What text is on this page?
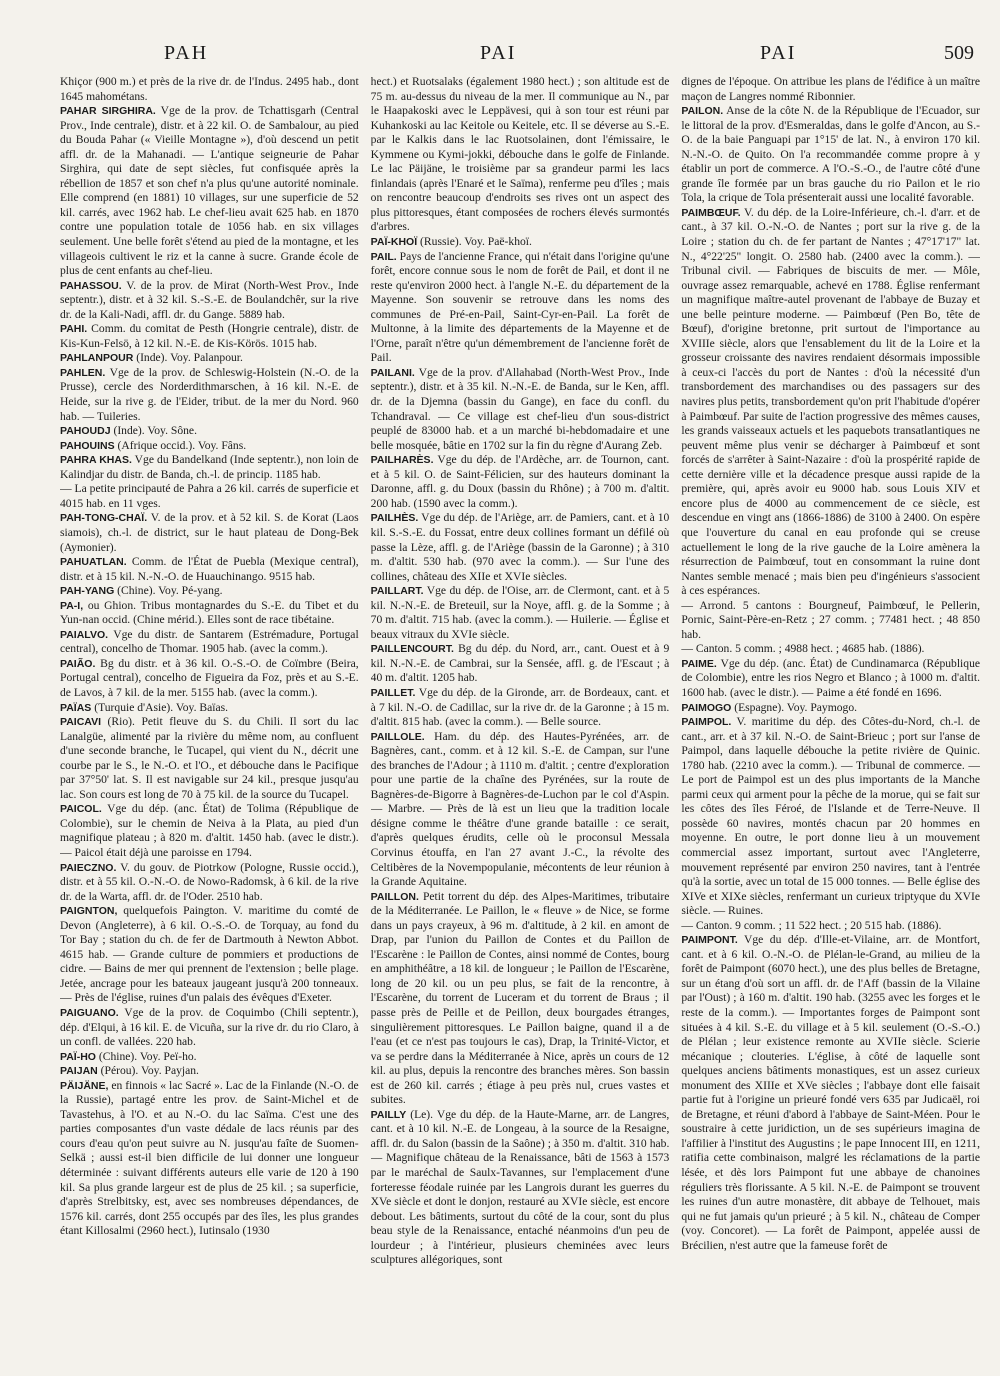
PAH	PAI	PAI	509

Khiçor (900 m.) et près de la rive dr. de l'Indus. 2495 hab., dont 1645 mahométans.

PAHAR SIRGHIRA. Vge de la prov. de Tchattisgarh (Central Prov., Inde centrale), distr. et à 22 kil. O. de Sambalour, au pied du Bouda Pahar (« Vieille Montagne »), d'où descend un petit affl. dr. de la Mahanadi. — L'antique seigneurie de Pahar Sirghira, qui date de sept siècles, fut confisquée après la rébellion de 1857 et son chef n'a plus qu'une autorité nominale. Elle comprend (en 1881) 10 villages, sur une superficie de 52 kil. carrés, avec 1962 hab. Le chef-lieu avait 625 hab. en 1870 contre une population totale de 1056 hab. en six villages seulement. Une belle forêt s'étend au pied de la montagne, et les villageois cultivent le riz et la canne à sucre. Grande école de plus de cent enfants au chef-lieu.

PAHASSOU. V. de la prov. de Mirat (North-West Prov., Inde septentr.), distr. et à 32 kil. S.-S.-E. de Boulandchêr, sur la rive dr. de la Kali-Nadi, affl. dr. du Gange. 5889 hab.

PAHI. Comm. du comitat de Pesth (Hongrie centrale), distr. de Kis-Kun-Felsö, à 12 kil. N.-E. de Kis-Körös. 1015 hab.

PAHLANPOUR (Inde). Voy. Palanpour.

PAHLEN. Vge de la prov. de Schleswig-Holstein (N.-O. de la Prusse), cercle des Norderdithmarschen, à 16 kil. N.-E. de Heide, sur la rive g. de l'Eider, tribut. de la mer du Nord. 960 hab. — Tuileries.

PAHOUDJ (Inde). Voy. Sône.

PAHOUINS (Afrique occid.). Voy. Fâns.

PAHRA KHAS. Vge du Bandelkand (Inde septentr.), non loin de Kalindjar du distr. de Banda, ch.-l. de princip. 1185 hab.

— La petite principauté de Pahra a 26 kil. carrés de superficie et 4015 hab. en 11 vges.

PAH-TONG-CHAÏ. V. de la prov. et à 52 kil. S. de Korat (Laos siamois), ch.-l. de district, sur le haut plateau de Dong-Bek (Aymonier).

PAHUATLAN. Comm. de l'État de Puebla (Mexique central), distr. et à 15 kil. N.-N.-O. de Huauchinango. 9515 hab.

PAH-YANG (Chine). Voy. Pé-yang.

PA-I, ou Ghion. Tribus montagnardes du S.-E. du Tibet et du Yun-nan occid. (Chine mérid.). Elles sont de race tibétaine.

PAIALVO. Vge du distr. de Santarem (Estrémadure, Portugal central), concelho de Thomar. 1905 hab. (avec la comm.).

PAIÃO. Bg du distr. et à 36 kil. O.-S.-O. de Coïmbre (Beira, Portugal central), concelho de Figueira da Foz, près et au S.-E. de Lavos, à 7 kil. de la mer. 5155 hab. (avec la comm.).

PAÏAS (Turquie d'Asie). Voy. Baïas.

PAICAVI (Rio). Petit fleuve du S. du Chili. Il sort du lac Lanalgüe, alimenté par la rivière du même nom, au confluent d'une seconde branche, le Tucapel, qui vient du N., décrit une courbe par le S., le N.-O. et l'O., et débouche dans le Pacifique par 37°50' lat. S. Il est navigable sur 24 kil., presque jusqu'au lac. Son cours est long de 70 à 75 kil. de la source du Tucapel.

PAICOL. Vge du dép. (anc. État) de Tolima (République de Colombie), sur le chemin de Neiva à la Plata, au pied d'un magnifique plateau ; à 820 m. d'altit. 1450 hab. (avec le distr.). — Paicol était déjà une paroisse en 1794.

PAIECZNO. V. du gouv. de Piotrkow (Pologne, Russie occid.), distr. et à 55 kil. O.-N.-O. de Nowo-Radomsk, à 6 kil. de la rive dr. de la Warta, affl. dr. de l'Oder. 2510 hab.

PAIGNTON, quelquefois Paington. V. maritime du comté de Devon (Angleterre), à 6 kil. O.-S.-O. de Torquay, au fond du Tor Bay ; station du ch. de fer de Dartmouth à Newton Abbot. 4615 hab. — Grande culture de pommiers et productions de cidre. — Bains de mer qui prennent de l'extension ; belle plage. Jetée, ancrage pour les bateaux jaugeant jusqu'à 200 tonneaux. — Près de l'église, ruines d'un palais des évêques d'Exeter.

PAIGUANO. Vge de la prov. de Coquimbo (Chili septentr.), dép. d'Elqui, à 16 kil. E. de Vicuña, sur la rive dr. du rio Claro, à un confl. de vallées. 220 hab.

PAÏ-HO (Chine). Voy. Peï-ho.

PAIJAN (Pérou). Voy. Payjan.

PÄIJÄNE, en finnois « lac Sacré ». Lac de la Finlande (N.-O. de la Russie), partagé entre les prov. de Saint-Michel et de Tavastehus, à l'O. et au N.-O. du lac Saïma. C'est une des parties composantes d'un vaste dédale de lacs réunis par des cours d'eau qu'on peut suivre au N. jusqu'au faîte de Suomen-Selkä ; aussi est-il bien difficile de lui donner une longueur déterminée : suivant différents auteurs elle varie de 120 à 190 kil. Sa plus grande largeur est de plus de 25 kil. ; sa superficie, d'après Strelbitsky, est, avec ses nombreuses dépendances, de 1576 kil. carrés, dont 255 occupés par des îles, les plus grandes étant Killosalmi (2960 hect.), Iutinsalo (1930

hect.) et Ruotsalaks (également 1980 hect.) ; son altitude est de 75 m. au-dessus du niveau de la mer. Il communique au N., par le Haapakoski avec le Leppävesi, qui à son tour est réuni par Kuhankoski au lac Keitole ou Keitele, etc. Il se déverse au S.-E. par le Kalkis dans le lac Ruotsolainen, dont l'émissaire, le Kymmene ou Kymi-jokki, débouche dans le golfe de Finlande. Le lac Päijäne, le troisième par sa grandeur parmi les lacs finlandais (après l'Enaré et le Saïma), renferme peu d'îles ; mais on rencontre beaucoup d'endroits ses rives ont un aspect des plus pittoresques, étant composées de rochers élevés surmontés d'arbres.

PAÏ-KHOÏ (Russie). Voy. Paë-khoï.

PAIL. Pays de l'ancienne France, qui n'était dans l'origine qu'une forêt, encore connue sous le nom de forêt de Pail, et dont il ne reste qu'environ 2000 hect. à l'angle N.-E. du département de la Mayenne. Son souvenir se retrouve dans les noms des communes de Pré-en-Pail, Saint-Cyr-en-Pail. La forêt de Multonne, à la limite des départements de la Mayenne et de l'Orne, paraît n'être qu'un démembrement de l'ancienne forêt de Pail.

PAILANI. Vge de la prov. d'Allahabad (North-West Prov., Inde septentr.), distr. et à 35 kil. N.-N.-E. de Banda, sur le Ken, affl. dr. de la Djemna (bassin du Gange), en face du confl. du Tchandraval. — Ce village est chef-lieu d'un sous-district peuplé de 83000 hab. et a un marché bi-hebdomadaire et une belle mosquée, bâtie en 1702 sur la fin du règne d'Aurang Zeb.

PAILHARÈS. Vge du dép. de l'Ardèche, arr. de Tournon, cant. et à 5 kil. O. de Saint-Félicien, sur des hauteurs dominant la Daronne, affl. g. du Doux (bassin du Rhône) ; à 700 m. d'altit. 200 hab. (1590 avec la comm.).

PAILHÈS. Vge du dép. de l'Ariège, arr. de Pamiers, cant. et à 10 kil. S.-S.-E. du Fossat, entre deux collines formant un défilé où passe la Lèze, affl. g. de l'Ariège (bassin de la Garonne) ; à 310 m. d'altit. 530 hab. (970 avec la comm.). — Sur l'une des collines, château des XIIe et XVIe siècles.

PAILLART. Vge du dép. de l'Oise, arr. de Clermont, cant. et à 5 kil. N.-N.-E. de Breteuil, sur la Noye, affl. g. de la Somme ; à 70 m. d'altit. 715 hab. (avec la comm.). — Huilerie. — Église et beaux vitraux du XVIe siècle.

PAILLENCOURT. Bg du dép. du Nord, arr., cant. Ouest et à 9 kil. N.-N.-E. de Cambrai, sur la Sensée, affl. g. de l'Escaut ; à 40 m. d'altit. 1205 hab.

PAILLET. Vge du dép. de la Gironde, arr. de Bordeaux, cant. et à 7 kil. N.-O. de Cadillac, sur la rive dr. de la Garonne ; à 15 m. d'altit. 815 hab. (avec la comm.). — Belle source.

PAILLOLE. Ham. du dép. des Hautes-Pyrénées, arr. de Bagnères, cant., comm. et à 12 kil. S.-E. de Campan, sur l'une des branches de l'Adour ; à 1110 m. d'altit. ; centre d'exploration pour une partie de la chaîne des Pyrénées, sur la route de Bagnères-de-Bigorre à Bagnères-de-Luchon par le col d'Aspin. — Marbre. — Près de là est un lieu que la tradition locale désigne comme le théâtre d'une grande bataille : ce serait, d'après quelques érudits, celle où le proconsul Messala Corvinus étouffa, en l'an 27 avant J.-C., la révolte des Celtibères de la Novempopulanie, mécontents de leur réunion à la Grande Aquitaine.

PAILLON. Petit torrent du dép. des Alpes-Maritimes, tributaire de la Méditerranée. Le Paillon, le « fleuve » de Nice, se forme dans un pays crayeux, à 96 m. d'altitude, à 2 kil. en amont de Drap, par l'union du Paillon de Contes et du Paillon de l'Escarène : le Paillon de Contes, ainsi nommé de Contes, bourg en amphithéâtre, a 18 kil. de longueur ; le Paillon de l'Escarène, long de 20 kil. ou un peu plus, se fait de la rencontre, à l'Escarène, du torrent de Luceram et du torrent de Braus ; il passe près de Peille et de Peillon, deux bourgades étranges, singulièrement pittoresques. Le Paillon baigne, quand il a de l'eau (et ce n'est pas toujours le cas), Drap, la Trinité-Victor, et va se perdre dans la Méditerranée à Nice, après un cours de 12 kil. au plus, depuis la rencontre des branches mères. Son bassin est de 260 kil. carrés ; étiage à peu près nul, crues vastes et subites.

PAILLY (Le). Vge du dép. de la Haute-Marne, arr. de Langres, cant. et à 10 kil. N.-E. de Longeau, à la source de la Resaigne, affl. dr. du Salon (bassin de la Saône) ; à 350 m. d'altit. 310 hab. — Magnifique château de la Renaissance, bâti de 1563 à 1573 par le maréchal de Saulx-Tavannes, sur l'emplacement d'une forteresse féodale ruinée par les Langrois durant les guerres du XVe siècle et dont le donjon, restauré au XVIe siècle, est encore debout. Les bâtiments, surtout du côté de la cour, sont du plus beau style de la Renaissance, entaché néanmoins d'un peu de lourdeur ; à l'intérieur, plusieurs cheminées avec leurs sculptures allégoriques, sont

dignes de l'époque. On attribue les plans de l'édifice à un maître maçon de Langres nommé Ribonnier.

PAILON. Anse de la côte N. de la République de l'Ecuador, sur le littoral de la prov. d'Esmeraldas, dans le golfe d'Ancon, au S.-O. de la baie Panguapi par 1°15' de lat. N., à environ 170 kil. N.-N.-O. de Quito. On l'a recommandée comme propre à y établir un port de commerce. A l'O.-S.-O., de l'autre côté d'une grande île formée par un bras gauche du rio Pailon et le rio Tola, la crique de Tola présenterait aussi une localité favorable.

PAIMBŒUF. V. du dép. de la Loire-Inférieure, ch.-l. d'arr. et de cant., à 37 kil. O.-N.-O. de Nantes ; port sur la rive g. de la Loire ; station du ch. de fer partant de Nantes ; 47°17'17" lat. N., 4°22'25" longit. O. 2580 hab. (2400 avec la comm.). — Tribunal civil. — Fabriques de biscuits de mer. — Môle, ouvrage assez remarquable, achevé en 1788. Église renfermant un magnifique maître-autel provenant de l'abbaye de Buzay et une belle peinture moderne. — Paimbœuf (Pen Bo, tête de Bœuf), d'origine bretonne, prit surtout de l'importance au XVIIIe siècle, alors que l'ensablement du lit de la Loire et la grosseur croissante des navires rendaient désormais impossible à ceux-ci l'accès du port de Nantes : d'où la nécessité d'un transbordement des marchandises ou des passagers sur des navires plus petits, transbordement qu'on prit l'habitude d'opérer à Paimbœuf. Par suite de l'action progressive des mêmes causes, les grands vaisseaux actuels et les paquebots transatlantiques ne peuvent même plus venir se décharger à Paimbœuf et sont forcés de s'arrêter à Saint-Nazaire : d'où la prospérité rapide de cette dernière ville et la décadence presque aussi rapide de la première, qui, après avoir eu 9000 hab. sous Louis XIV et encore plus de 4000 au commencement de ce siècle, est descendue en vingt ans (1866-1886) de 3100 à 2400. On espère que l'ouverture du canal en eau profonde qui se creuse actuellement le long de la rive gauche de la Loire amènera la résurrection de Paimbœuf, tout en consommant la ruine dont Nantes semble menacé ; mais bien peu d'ingénieurs s'associent à ces espérances.

— Arrond. 5 cantons : Bourgneuf, Paimbœuf, le Pellerin, Pornic, Saint-Père-en-Retz ; 27 comm. ; 77481 hect. ; 48 850 hab.

— Canton. 5 comm. ; 4988 hect. ; 4685 hab. (1886).

PAIME. Vge du dép. (anc. État) de Cundinamarca (République de Colombie), entre les rios Negro et Blanco ; à 1000 m. d'altit. 1600 hab. (avec le distr.). — Paime a été fondé en 1696.

PAIMOGO (Espagne). Voy. Paymogo.

PAIMPOL. V. maritime du dép. des Côtes-du-Nord, ch.-l. de cant., arr. et à 37 kil. N.-O. de Saint-Brieuc ; port sur l'anse de Paimpol, dans laquelle débouche la petite rivière de Quinic. 1780 hab. (2210 avec la comm.). — Tribunal de commerce. — Le port de Paimpol est un des plus importants de la Manche parmi ceux qui arment pour la pêche de la morue, qui se fait sur les côtes des îles Féroé, de l'Islande et de Terre-Neuve. Il possède 60 navires, montés chacun par 20 hommes en moyenne. En outre, le port donne lieu à un mouvement commercial assez important, surtout avec l'Angleterre, mouvement représenté par environ 250 navires, tant à l'entrée qu'à la sortie, avec un total de 15 000 tonnes. — Belle église des XIVe et XIXe siècles, renfermant un curieux triptyque du XVIe siècle. — Ruines.

— Canton. 9 comm. ; 11 522 hect. ; 20 515 hab. (1886).

PAIMPONT. Vge du dép. d'Ille-et-Vilaine, arr. de Montfort, cant. et à 6 kil. O.-N.-O. de Plélan-le-Grand, au milieu de la forêt de Paimpont (6070 hect.), une des plus belles de Bretagne, sur un étang d'où sort un affl. dr. de l'Aff (bassin de la Vilaine par l'Oust) ; à 160 m. d'altit. 190 hab. (3255 avec les forges et le reste de la comm.). — Importantes forges de Paimpont sont situées à 4 kil. S.-E. du village et à 5 kil. seulement (O.-S.-O.) de Plélan ; leur existence remonte au XVIIe siècle. Scierie mécanique ; clouteries. L'église, à côté de laquelle sont quelques anciens bâtiments monastiques, est un assez curieux monument des XIIIe et XVe siècles ; l'abbaye dont elle faisait partie fut à l'origine un prieuré fondé vers 635 par Judicaël, roi de Bretagne, et réuni d'abord à l'abbaye de Saint-Méen. Pour le soustraire à cette juridiction, un de ses supérieurs imagina de l'affilier à l'institut des Augustins ; le pape Innocent III, en 1211, ratifia cette combinaison, malgré les réclamations de la partie lésée, et dès lors Paimpont fut une abbaye de chanoines réguliers très florissante. A 5 kil. N.-E. de Paimpont se trouvent les ruines d'un autre monastère, dit abbaye de Telhouet, mais qui ne fut jamais qu'un prieuré ; à 5 kil. N., château de Comper (voy. Concoret). — La forêt de Paimpont, appelée aussi de Brécilien, n'est autre que la fameuse forêt de
